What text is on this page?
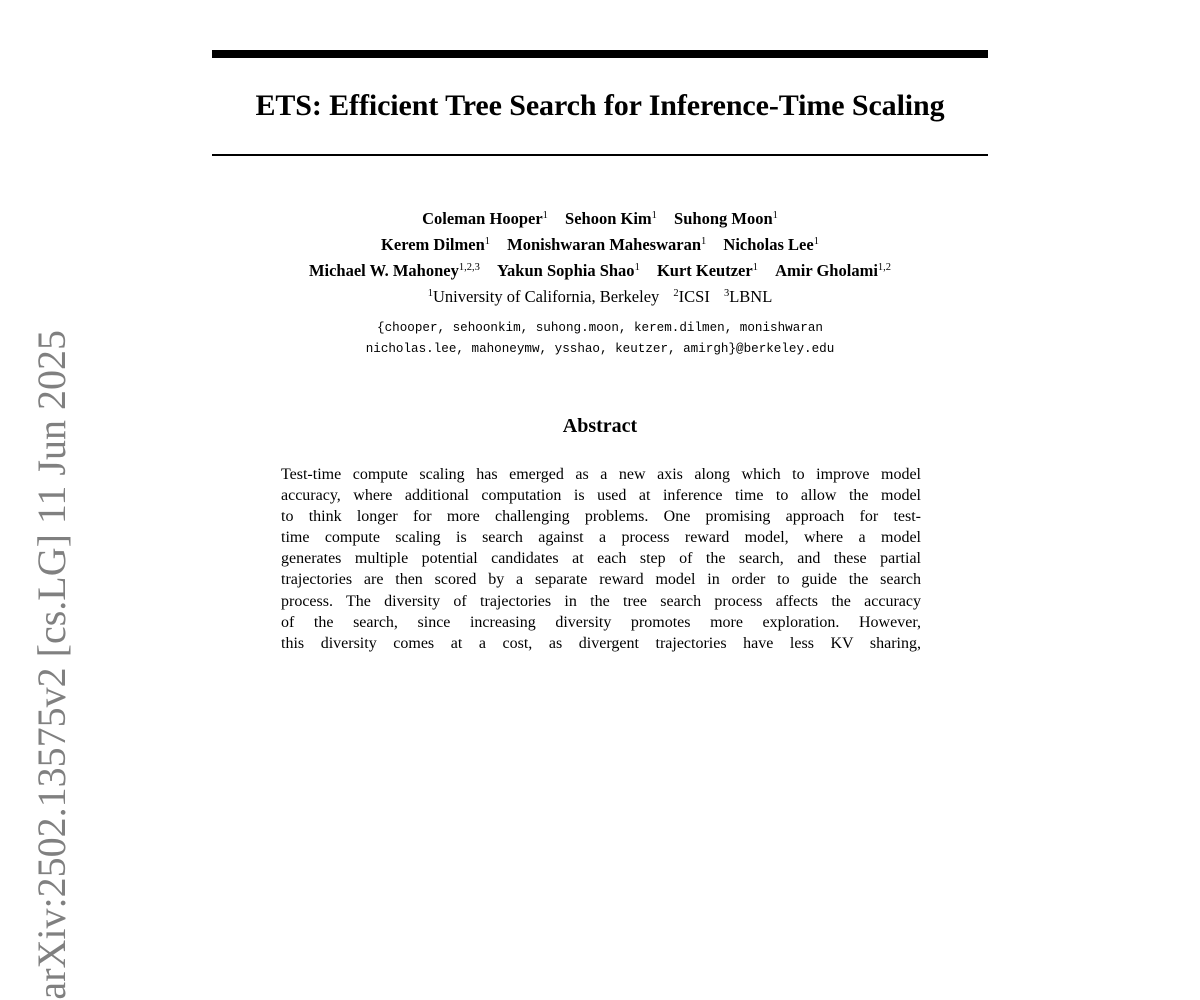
ETS: Efficient Tree Search for Inference-Time Scaling
Coleman Hooper$^1$ Sehoon Kim$^1$ Suhong Moon$^1$
Kerem Dilmen$^1$ Monishwaran Maheswaran$^1$ Nicholas Lee$^1$
Michael W. Mahoney$^{1,2,3}$ Yakun Sophia Shao$^1$ Kurt Keutzer$^1$ Amir Gholami$^{1,2}$
$^1$University of California, Berkeley $^2$ICSI $^3$LBNL
{chooper, sehoonkim, suhong.moon, kerem.dilmen, monishwaran
nicholas.lee, mahoneymw, ysshao, keutzer, amirgh}@berkeley.edu
Abstract
Test-time compute scaling has emerged as a new axis along which to improve model
accuracy, where additional computation is used at inference time to allow the model
to think longer for more challenging problems. One promising approach for test-
time compute scaling is search against a process reward model, where a model
generates multiple potential candidates at each step of the search, and these partial
trajectories are then scored by a separate reward model in order to guide the search
process. The diversity of trajectories in the tree search process affects the accuracy
of the search, since increasing diversity promotes more exploration. However,
this diversity comes at a cost, as divergent trajectories have less KV sharing,
arXiv:2502.13575v2 [cs.LG] 11 Jun 2025
